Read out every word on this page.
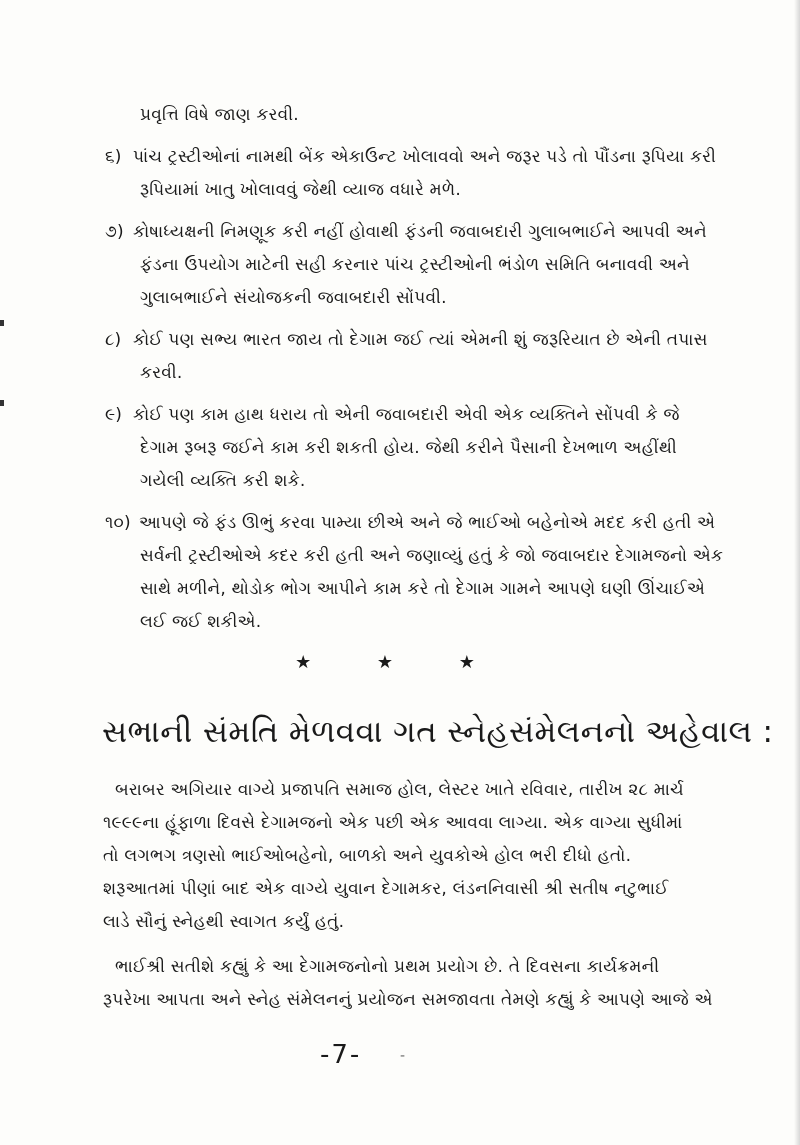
પ્રવૃત્તિ વિષે જાણ કરવી.
૬) પાંચ ટ્રસ્ટીઓનાં નામથી બેંક એકાઉન્ટ ખોલાવવો અને જરૂર પડે તો પૌંડના રૂપિયા કરી
રૂપિયામાં ખાતુ ખોલાવવું જેથી વ્યાજ વધારે મળે.
૭) કોષાધ્યક્ષની નિમણૂક કરી નહીં હોવાથી ફંડની જવાબદારી ગુલાબભાઈને આપવી અને
ફંડના ઉપયોગ માટેની સહી કરનાર પાંચ ટ્રસ્ટીઓની ભંડોળ સમિતિ બનાવવી અને
ગુલાબભાઈને સંયોજકની જવાબદારી સોંપવી.
૮) કોઈ પણ સભ્ય ભારત જાય તો દેગામ જઈ ત્યાં એમની શું જરૂરિયાત છે એની તપાસ
કરવી.
૯) કોઈ પણ કામ હાથ ધરાય તો એની જવાબદારી એવી એક વ્યક્તિને સોંપવી કે જે
દેગામ રૂબરૂ જઈને કામ કરી શકતી હોય. જેથી કરીને પૈસાની દેખભાળ અહીંથી
ગયેલી વ્યક્તિ કરી શકે.
૧૦) આપણે જે ફંડ ઊભું કરવા પામ્યા છીએ અને જે ભાઈઓ બહેનોએ મદદ કરી હતી એ
સર્વની ટ્રસ્ટીઓએ કદર કરી હતી અને જણાવ્યું હતું કે જો જવાબદાર દેગામજનો એક
સાથે મળીને, થોડોક ભોગ આપીને કામ કરે તો દેગામ ગામને આપણે ઘણી ઊંચાઈએ
લઈ જઈ શકીએ.
★ ★ ★
સભાની સંમતિ મેળવવા ગત સ્નેહસંમેલનનો અહેવાલ :
બરાબર અગિયાર વાગ્યે પ્રજાપતિ સમાજ હોલ, લેસ્ટર ખાતે રવિવાર, તારીખ ૨૮ માર્ચ
૧૯૯૯ના હૂંફાળા દિવસે દેગામજનો એક પછી એક આવવા લાગ્યા. એક વાગ્યા સુધીમાં
તો લગભગ ત્રણસો ભાઈઓબહેનો, બાળકો અને યુવકોએ હોલ ભરી દીધો હતો.
શરૂઆતમાં પીણાં બાદ એક વાગ્યે યુવાન દેગામકર, લંડનનિવાસી શ્રી સતીષ નટુભાઈ
લાડે સૌનું સ્નેહથી સ્વાગત કર્યું હતું.
ભાઈશ્રી સતીશે કહ્યું કે આ દેગામજનોનો પ્રથમ પ્રયોગ છે. તે દિવસના કાર્યક્રમની
રૂપરેખા આપતા અને સ્નેહ સંમેલનનું પ્રયોજન સમજાવતા તેમણે કહ્યું કે આપણે આજે એ
-7-	-
